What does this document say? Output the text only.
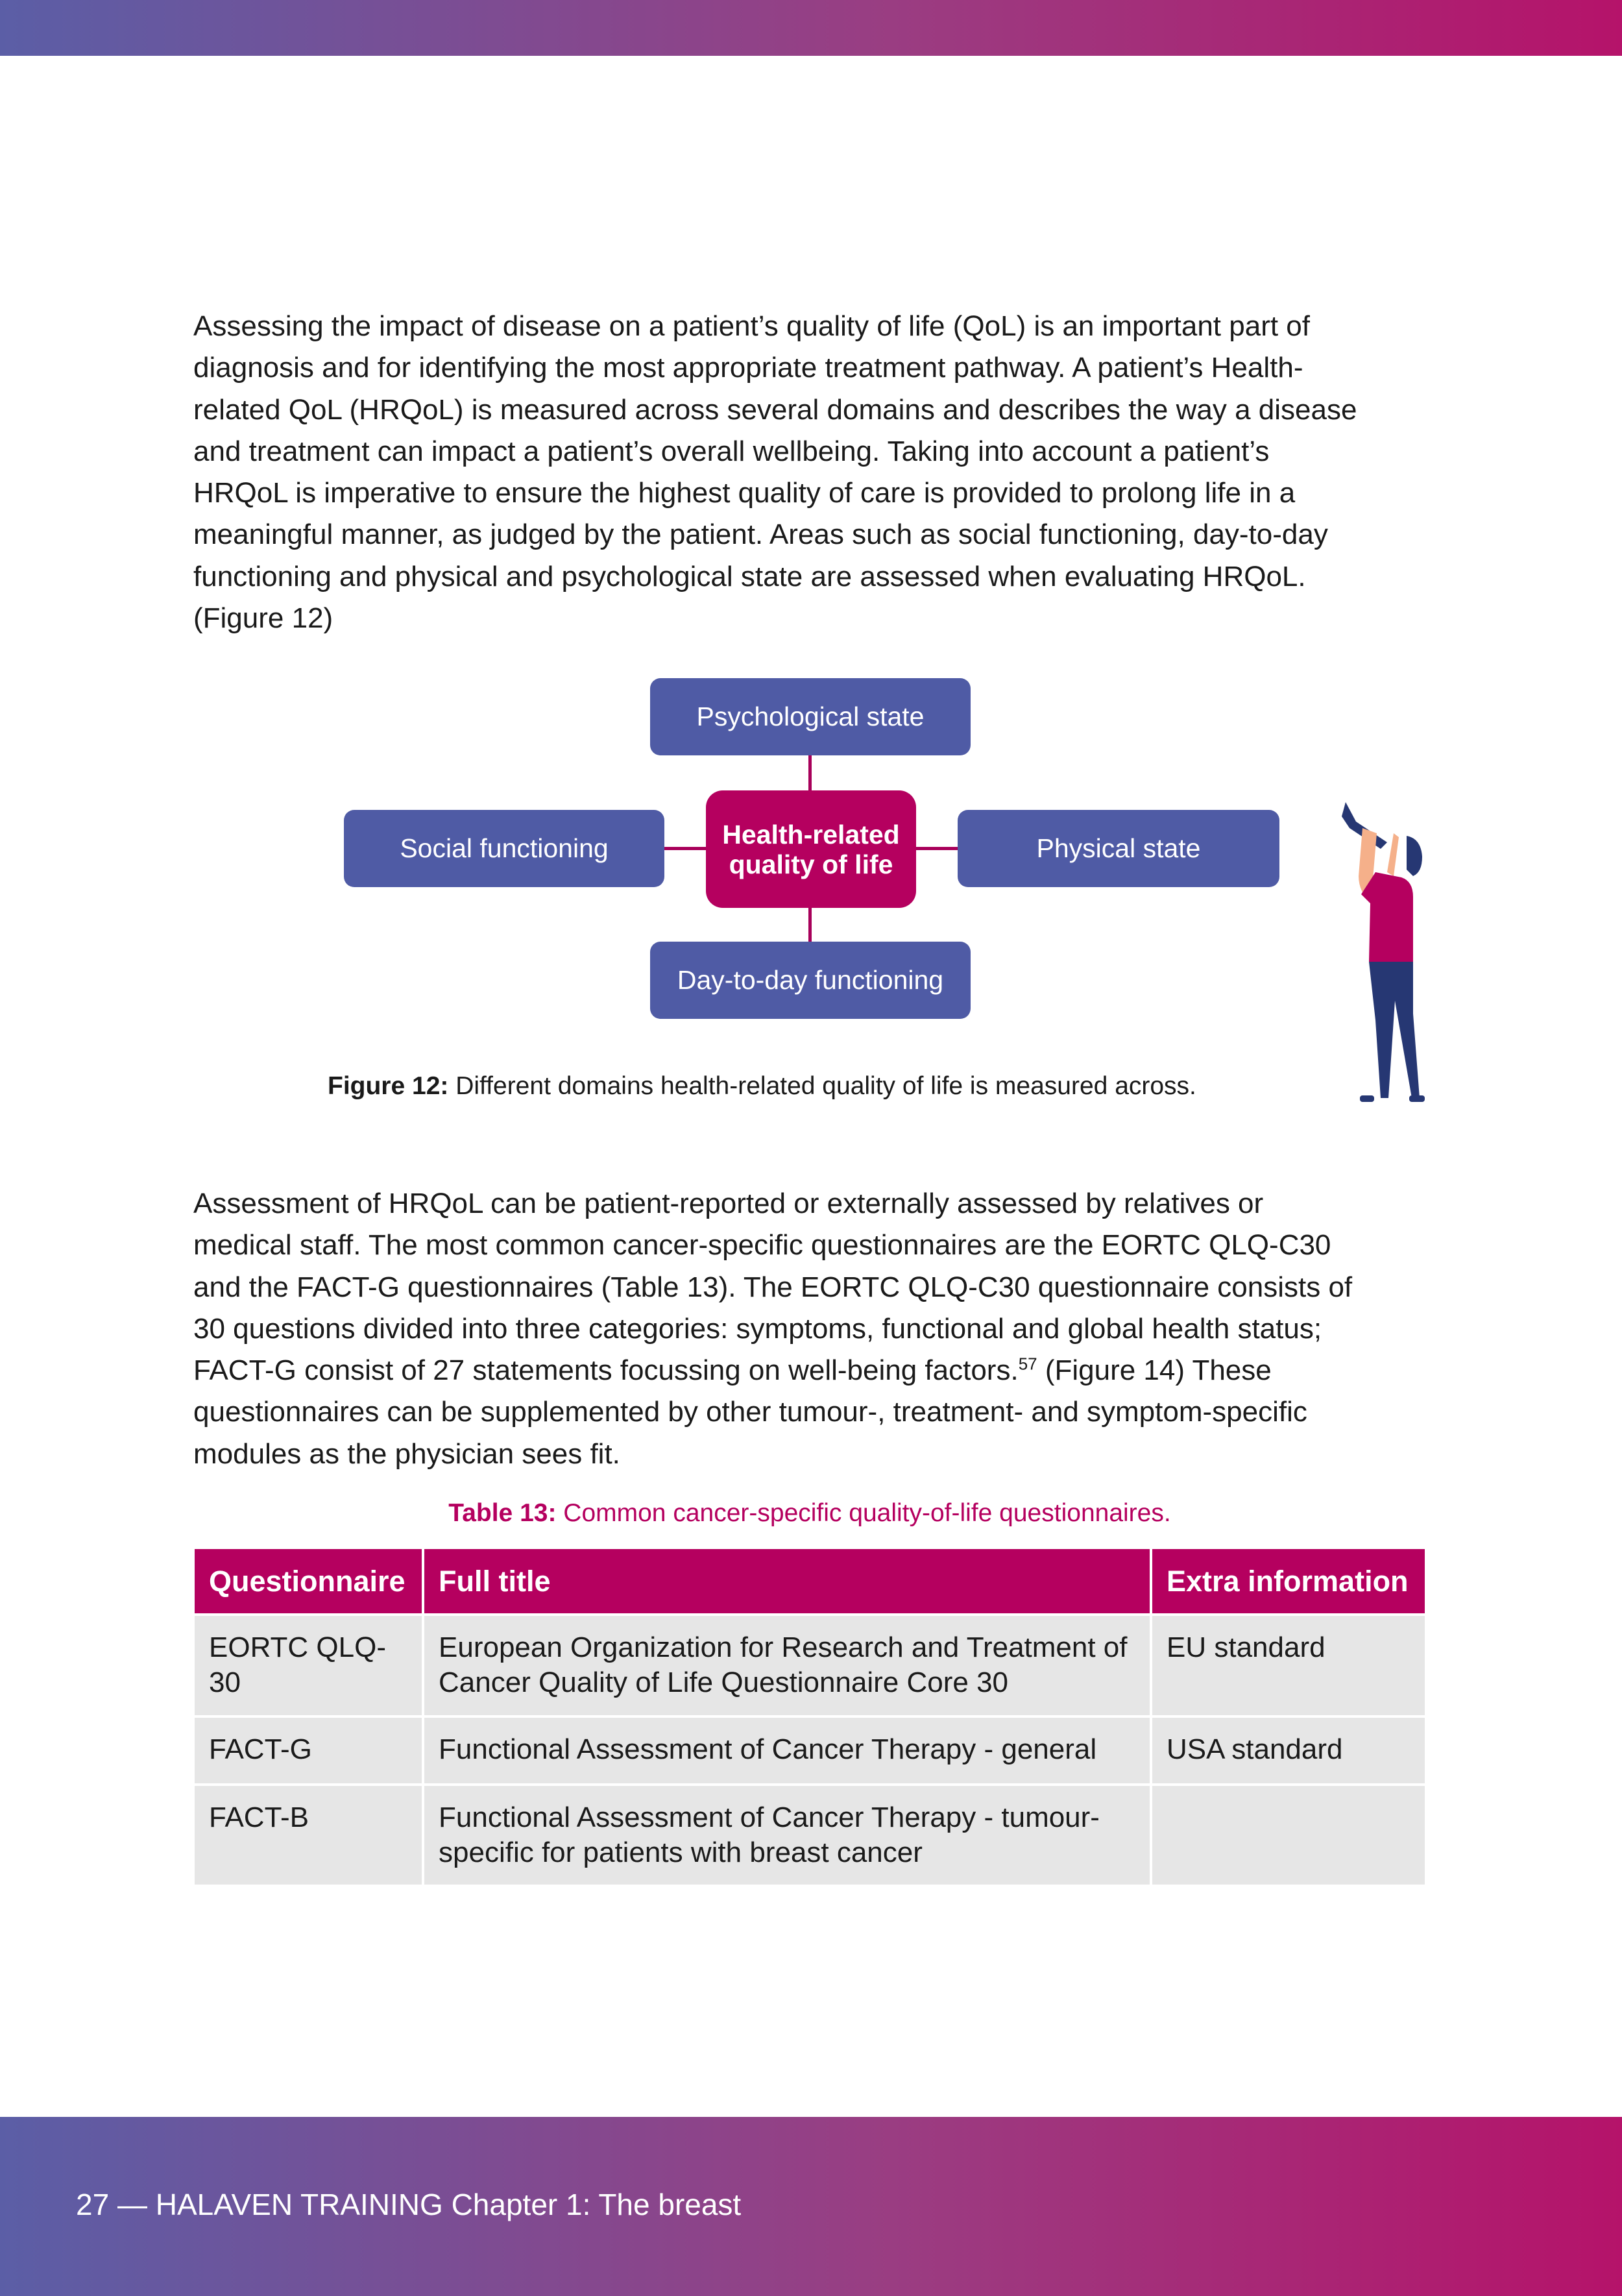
Assessing the impact of disease on a patient’s quality of life (QoL) is an important part of
diagnosis and for identifying the most appropriate treatment pathway. A patient’s Health-
related QoL (HRQoL) is measured across several domains and describes the way a disease
and treatment can impact a patient’s overall wellbeing. Taking into account a patient’s
HRQoL is imperative to ensure the highest quality of care is provided to prolong life in a
meaningful manner, as judged by the patient. Areas such as social functioning, day-to-day
functioning and physical and psychological state are assessed when evaluating HRQoL.
(Figure 12)
Psychological state
Social functioning	Health-related quality of life
Physical state
Day-to-day functioning
Figure 12: Different domains health-related quality of life is measured across.
Assessment of HRQoL can be patient-reported or externally assessed by relatives or
medical staff. The most common cancer-specific questionnaires are the EORTC QLQ-C30
and the FACT-G questionnaires (Table 13). The EORTC QLQ-C30 questionnaire consists of
30 questions divided into three categories: symptoms, functional and global health status;
FACT-G consist of 27 statements focussing on well-being factors.$^{57}$ (Figure 14) These
questionnaires can be supplemented by other tumour-, treatment- and symptom-specific
modules as the physician sees fit.
Table 13: Common cancer-specific quality-of-life questionnaires.
Questionnaire	Full title	Extra information
EORTC QLQ-30	European Organization for Research and Treatment of Cancer Quality of Life Questionnaire Core 30	EU standard
FACT-G	Functional Assessment of Cancer Therapy - general	USA standard
FACT-B	Functional Assessment of Cancer Therapy - tumour-specific for patients with breast cancer	
27 — HALAVEN TRAINING Chapter 1: The breast
